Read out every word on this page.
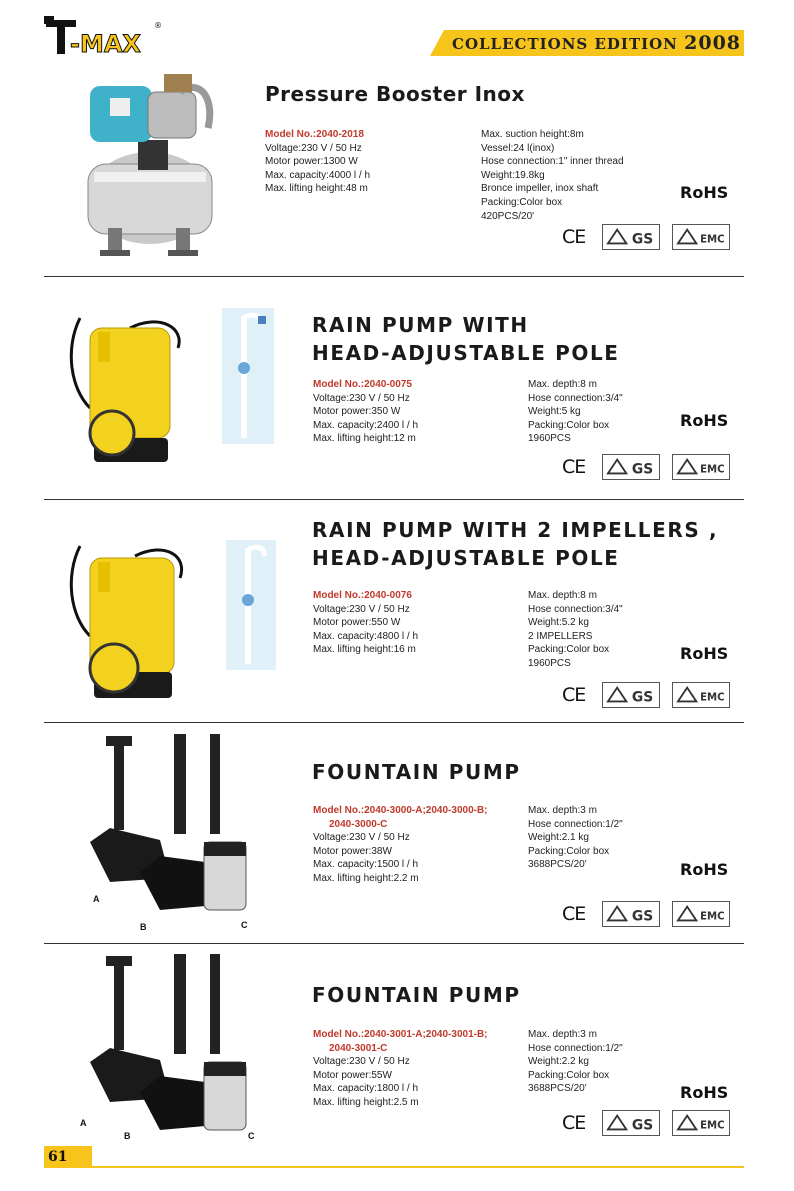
-MAX
®
COLLECTIONS EDITION 2008
Pressure Booster Inox
Model No.:2040-2018
Voltage:230 V / 50 Hz
Motor power:1300 W
Max. capacity:4000 l / h
Max. lifting height:48 m
Max. suction height:8m
Vessel:24 l(inox)
Hose connection:1" inner thread
Weight:19.8kg
Bronce impeller, inox shaft
Packing:Color box
420PCS/20'
RoHS
CE	GS	EMC
RAIN PUMP WITH
HEAD-ADJUSTABLE POLE
Model No.:2040-0075
Voltage:230 V / 50 Hz
Motor power:350 W
Max. capacity:2400 l / h
Max. lifting height:12 m
Max. depth:8 m
Hose connection:3/4"
Weight:5 kg
Packing:Color box
1960PCS
RoHS
CE	GS	EMC
RAIN PUMP WITH 2 IMPELLERS ,
HEAD-ADJUSTABLE POLE
Model No.:2040-0076
Voltage:230 V / 50 Hz
Motor power:550 W
Max. capacity:4800 l / h
Max. lifting height:16 m
Max. depth:8 m
Hose connection:3/4"
Weight:5.2 kg
2 IMPELLERS
Packing:Color box
1960PCS
RoHS
CE	GS	EMC
A
B	C
FOUNTAIN PUMP
Model No.:2040-3000-A;2040-3000-B;
2040-3000-C
Voltage:230 V / 50 Hz
Motor power:38W
Max. capacity:1500 l / h
Max. lifting height:2.2 m
Max. depth:3 m
Hose connection:1/2"
Weight:2.1 kg
Packing:Color box
3688PCS/20'	RoHS
CE	GS	EMC
A
B	C
FOUNTAIN PUMP
Model No.:2040-3001-A;2040-3001-B;
2040-3001-C
Voltage:230 V / 50 Hz
Motor power:55W
Max. capacity:1800 l / h
Max. lifting height:2.5 m
Max. depth:3 m
Hose connection:1/2"
Weight:2.2 kg
Packing:Color box
3688PCS/20'	RoHS
CE	GS	EMC
61
